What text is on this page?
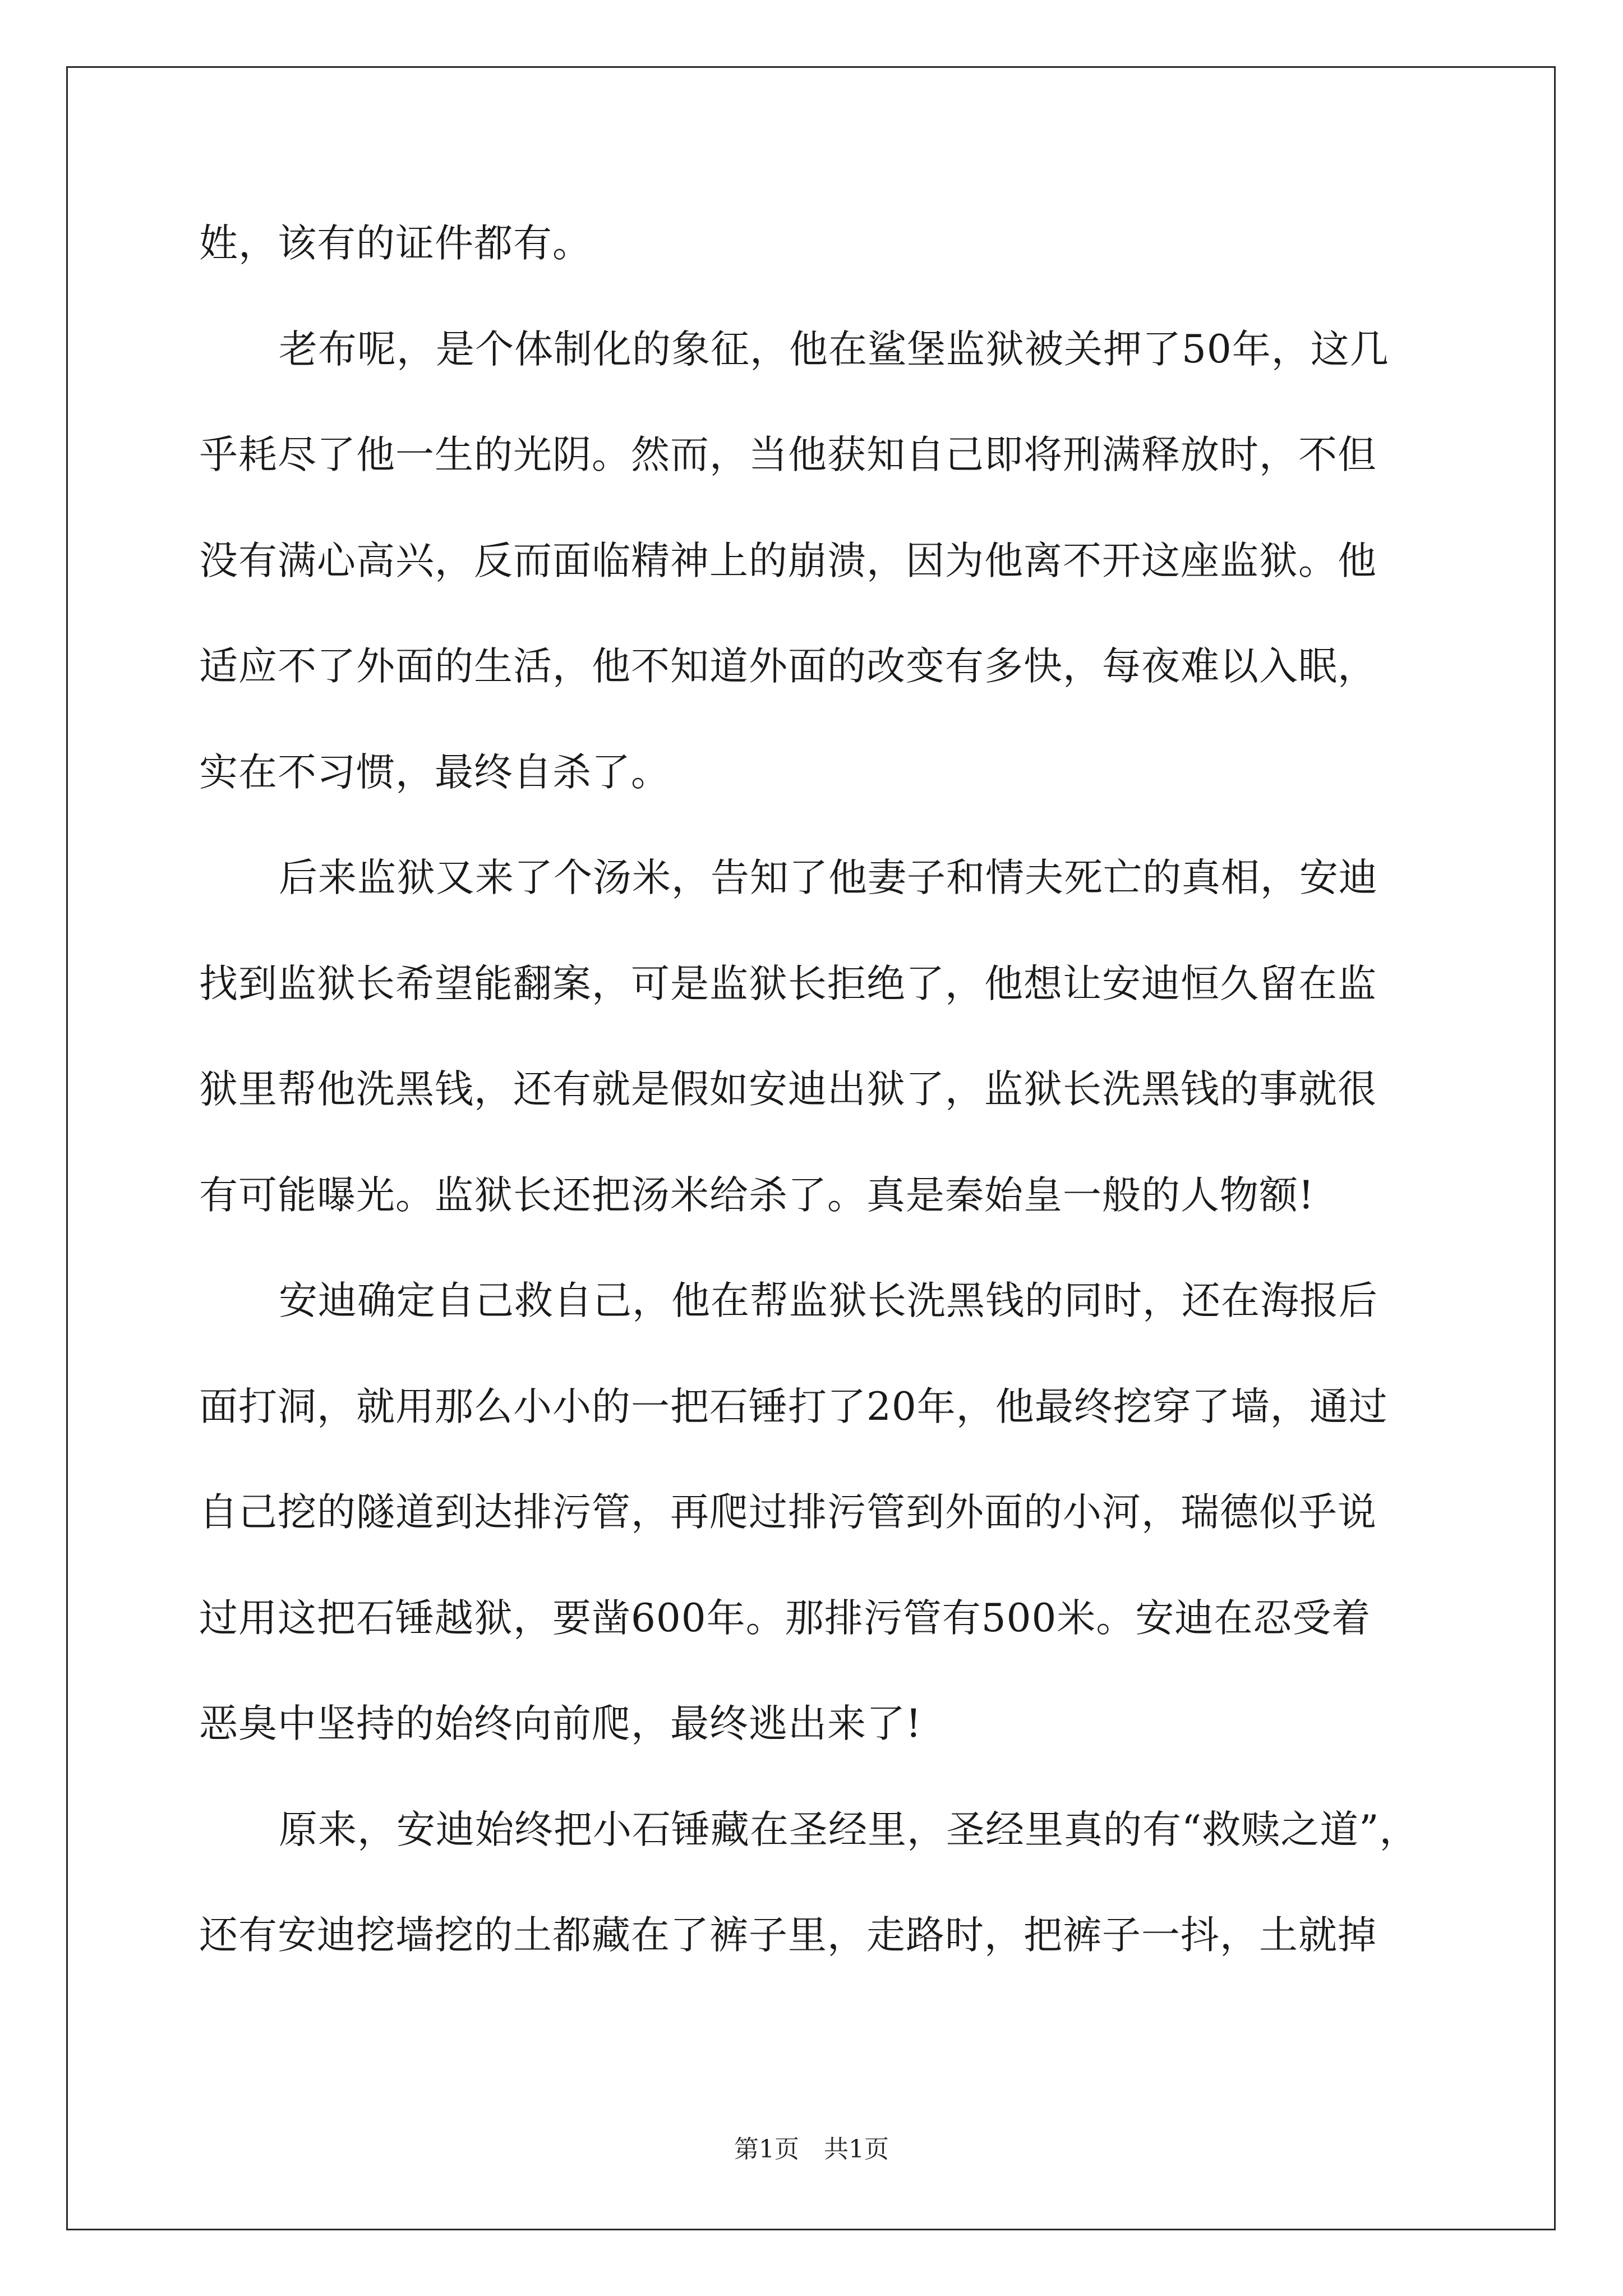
姓，该有的证件都有。
老布呢，是个体制化的象征，他在鲨堡监狱被关押了50年，这几
乎耗尽了他一生的光阴。然而，当他获知自己即将刑满释放时，不但
没有满心高兴，反而面临精神上的崩溃，因为他离不开这座监狱。他
适应不了外面的生活，他不知道外面的改变有多快，每夜难以入眠，
实在不习惯，最终自杀了。
后来监狱又来了个汤米，告知了他妻子和情夫死亡的真相，安迪
找到监狱长希望能翻案，可是监狱长拒绝了，他想让安迪恒久留在监
狱里帮他洗黑钱，还有就是假如安迪出狱了，监狱长洗黑钱的事就很
有可能曝光。监狱长还把汤米给杀了。真是秦始皇一般的人物额!
安迪确定自己救自己，他在帮监狱长洗黑钱的同时，还在海报后
面打洞，就用那么小小的一把石锤打了20年，他最终挖穿了墙，通过
自己挖的隧道到达排污管，再爬过排污管到外面的小河，瑞德似乎说
过用这把石锤越狱，要凿600年。那排污管有500米。安迪在忍受着
恶臭中坚持的始终向前爬，最终逃出来了!
原来，安迪始终把小石锤藏在圣经里，圣经里真的有“救赎之道”，
还有安迪挖墙挖的土都藏在了裤子里，走路时，把裤子一抖，土就掉
第1页　共1页
